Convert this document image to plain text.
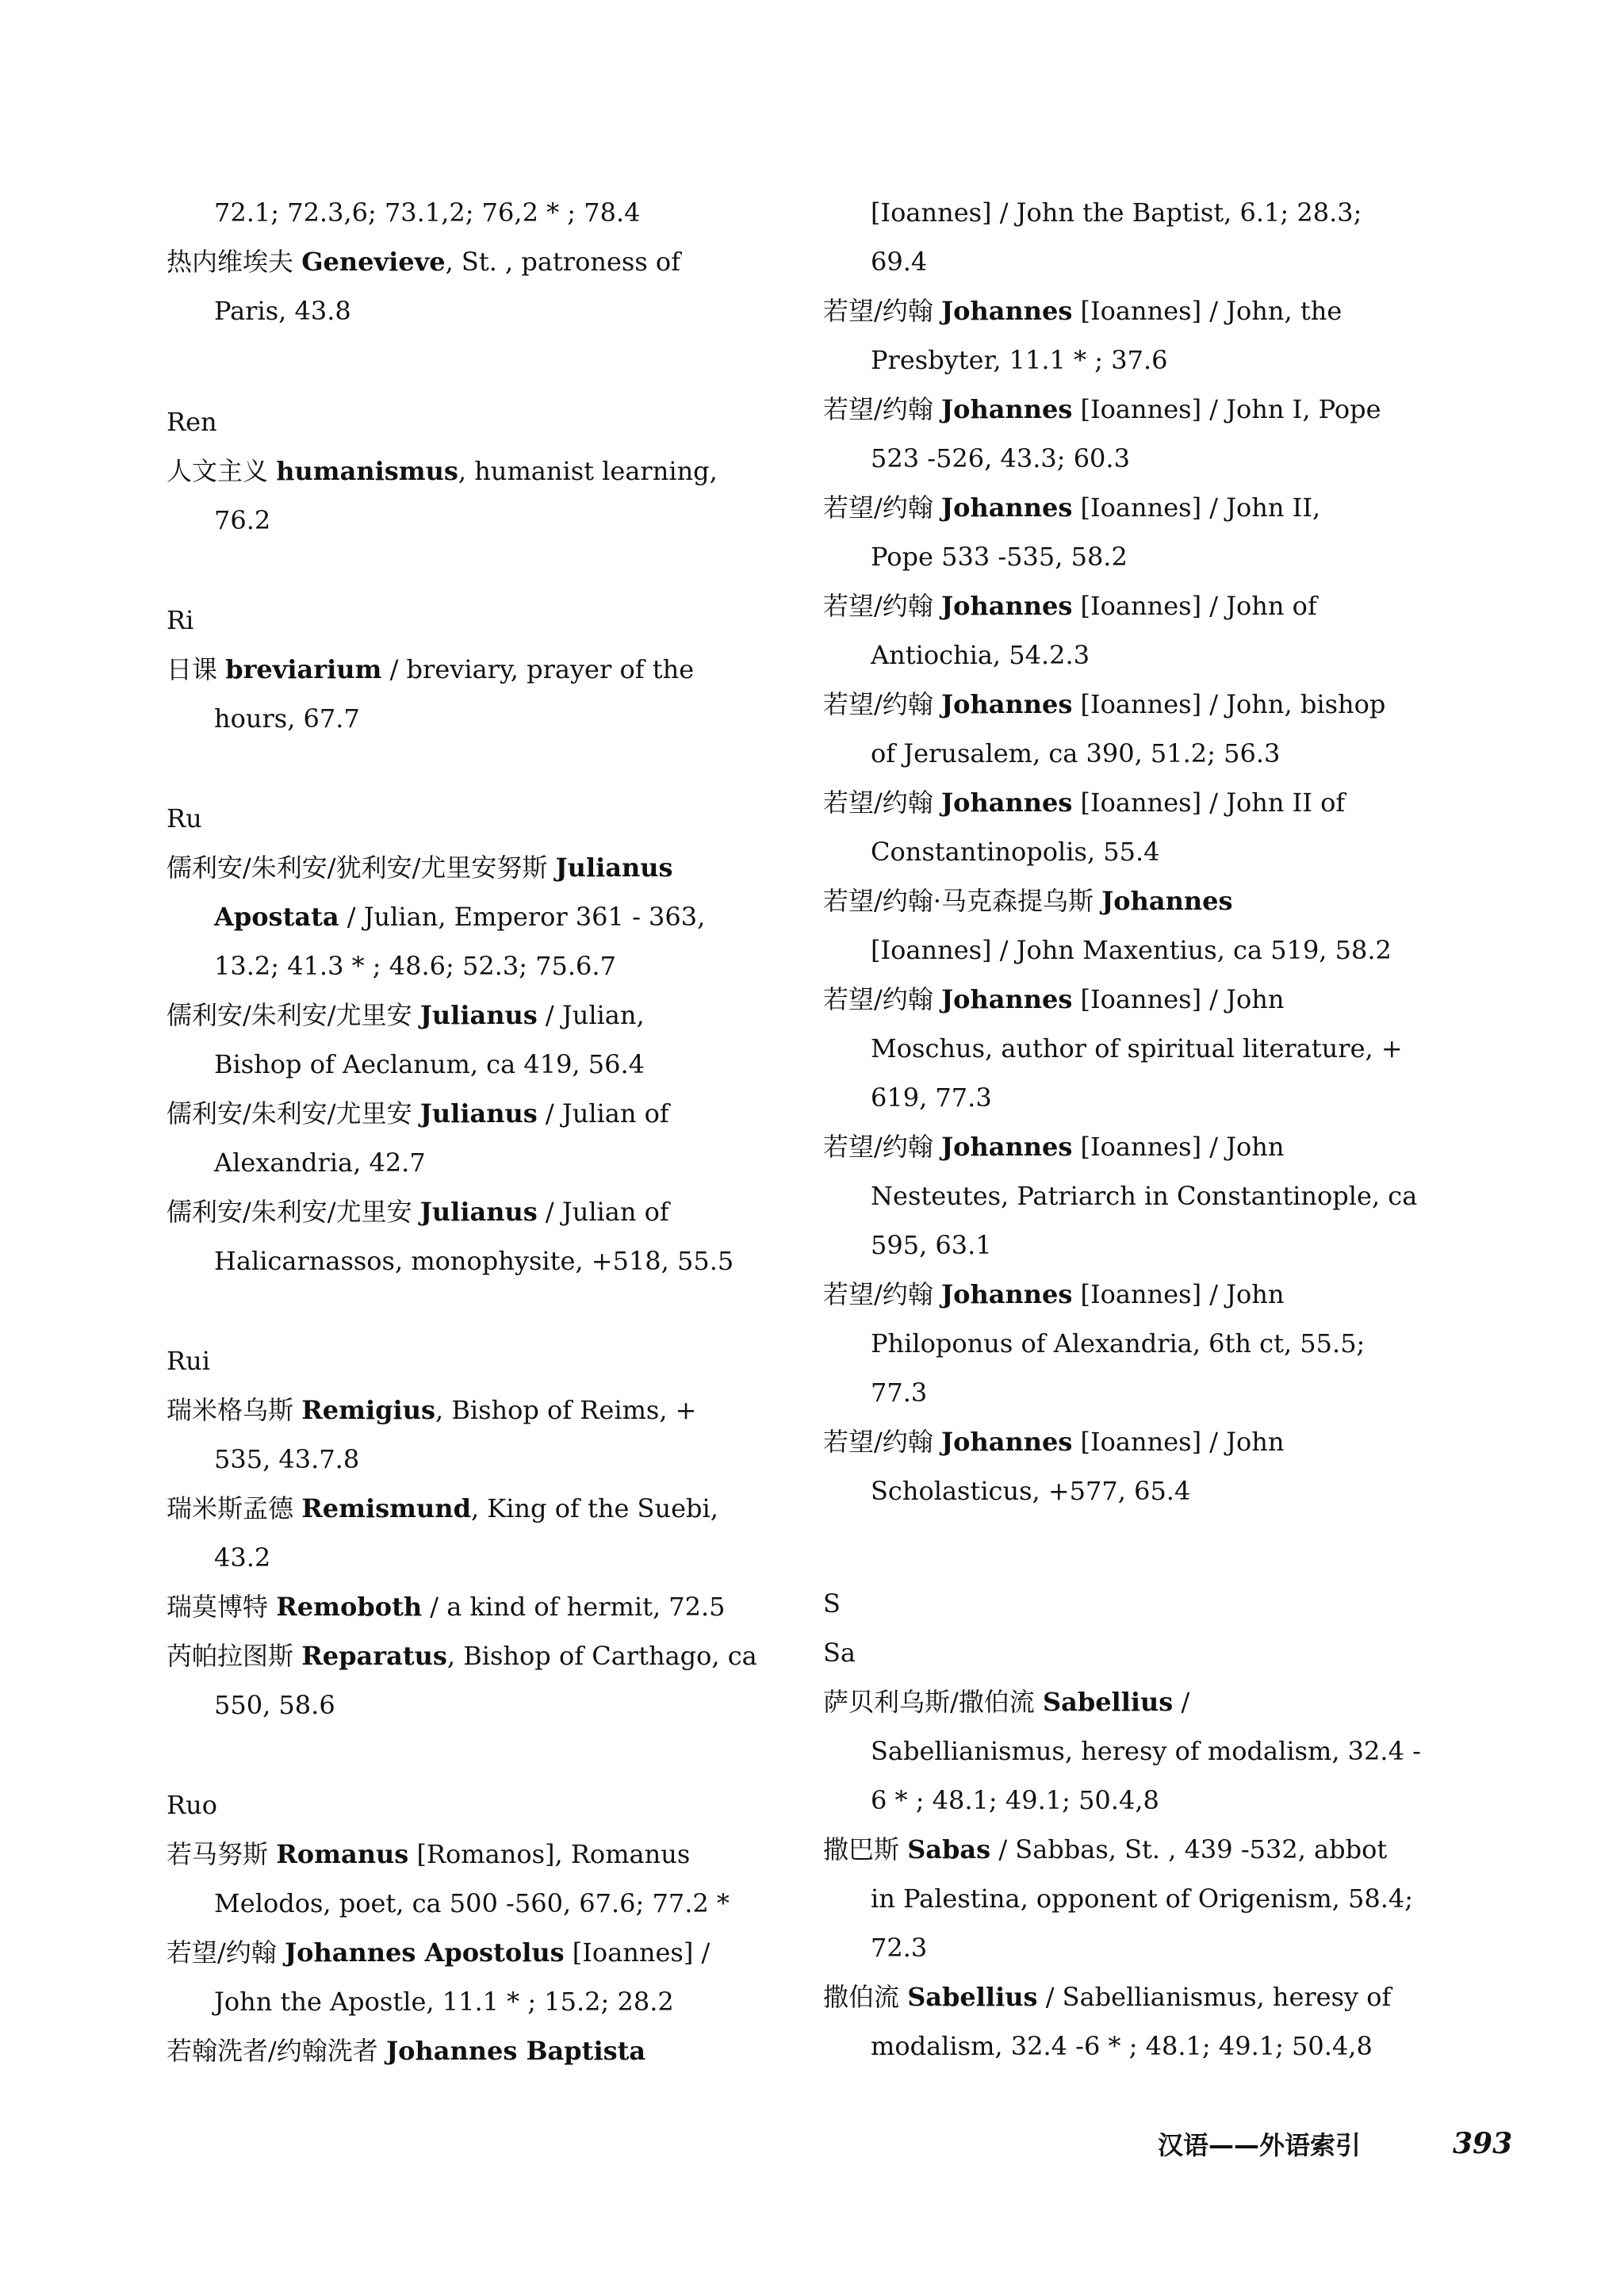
72.1; 72.3,6; 73.1,2; 76,2 * ; 78.4
热内维埃夫 Genevieve, St. , patroness of
Paris, 43.8
Ren
人文主义 humanismus, humanist learning,
76.2
Ri
日课 breviarium / breviary, prayer of the
hours, 67.7
Ru
儒利安/朱利安/犹利安/尤里安努斯 Julianus
Apostata / Julian, Emperor 361 - 363,
13.2; 41.3 * ; 48.6; 52.3; 75.6.7
儒利安/朱利安/尤里安 Julianus / Julian,
Bishop of Aeclanum, ca 419, 56.4
儒利安/朱利安/尤里安 Julianus / Julian of
Alexandria, 42.7
儒利安/朱利安/尤里安 Julianus / Julian of
Halicarnassos, monophysite, +518, 55.5
Rui
瑞米格乌斯 Remigius, Bishop of Reims, +
535, 43.7.8
瑞米斯孟德 Remismund, King of the Suebi,
43.2
瑞莫博特 Remoboth / a kind of hermit, 72.5
芮帕拉图斯 Reparatus, Bishop of Carthago, ca
550, 58.6
Ruo
若马努斯 Romanus [Romanos], Romanus
Melodos, poet, ca 500 -560, 67.6; 77.2 *
若望/约翰 Johannes Apostolus [Ioannes] /
John the Apostle, 11.1 * ; 15.2; 28.2
若翰洗者/约翰洗者 Johannes Baptista
[Ioannes] / John the Baptist, 6.1; 28.3;
69.4
若望/约翰 Johannes [Ioannes] / John, the
Presbyter, 11.1 * ; 37.6
若望/约翰 Johannes [Ioannes] / John I, Pope
523 -526, 43.3; 60.3
若望/约翰 Johannes [Ioannes] / John II,
Pope 533 -535, 58.2
若望/约翰 Johannes [Ioannes] / John of
Antiochia, 54.2.3
若望/约翰 Johannes [Ioannes] / John, bishop
of Jerusalem, ca 390, 51.2; 56.3
若望/约翰 Johannes [Ioannes] / John II of
Constantinopolis, 55.4
若望/约翰·马克森提乌斯 Johannes
[Ioannes] / John Maxentius, ca 519, 58.2
若望/约翰 Johannes [Ioannes] / John
Moschus, author of spiritual literature, +
619, 77.3
若望/约翰 Johannes [Ioannes] / John
Nesteutes, Patriarch in Constantinople, ca
595, 63.1
若望/约翰 Johannes [Ioannes] / John
Philoponus of Alexandria, 6th ct, 55.5;
77.3
若望/约翰 Johannes [Ioannes] / John
Scholasticus, +577, 65.4
S
Sa
萨贝利乌斯/撒伯流 Sabellius /
Sabellianismus, heresy of modalism, 32.4 -
6 * ; 48.1; 49.1; 50.4,8
撒巴斯 Sabas / Sabbas, St. , 439 -532, abbot
in Palestina, opponent of Origenism, 58.4;
72.3
撒伯流 Sabellius / Sabellianismus, heresy of
modalism, 32.4 -6 * ; 48.1; 49.1; 50.4,8
汉语——外语索引	393
